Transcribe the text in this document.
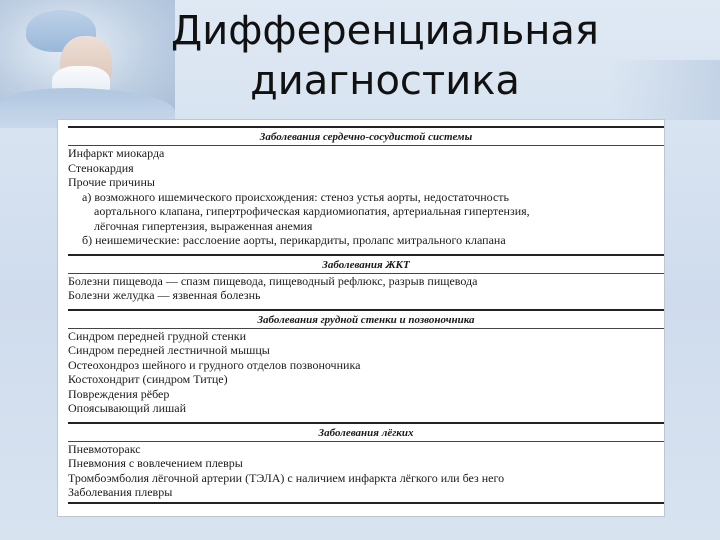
Дифференциальная
диагностика
Заболевания сердечно-сосудистой системы
Инфаркт миокарда
Стенокардия
Прочие причины
а) возможного ишемического происхождения: стеноз устья аорты, недостаточность
аортального клапана, гипертрофическая кардиомиопатия, артериальная гипертензия,
лёгочная гипертензия, выраженная анемия
б) неишемические: расслоение аорты, перикардиты, пролапс митрального клапана
Заболевания ЖКТ
Болезни пищевода — спазм пищевода, пищеводный рефлюкс, разрыв пищевода
Болезни желудка — язвенная болезнь
Заболевания грудной стенки и позвоночника
Синдром передней грудной стенки
Синдром передней лестничной мышцы
Остеохондроз шейного и грудного отделов позвоночника
Костохондрит (синдром Титце)
Повреждения рёбер
Опоясывающий лишай
Заболевания лёгких
Пневмоторакс
Пневмония с вовлечением плевры
Тромбоэмболия лёгочной артерии (ТЭЛА) с наличием инфаркта лёгкого или без него
Заболевания плевры
